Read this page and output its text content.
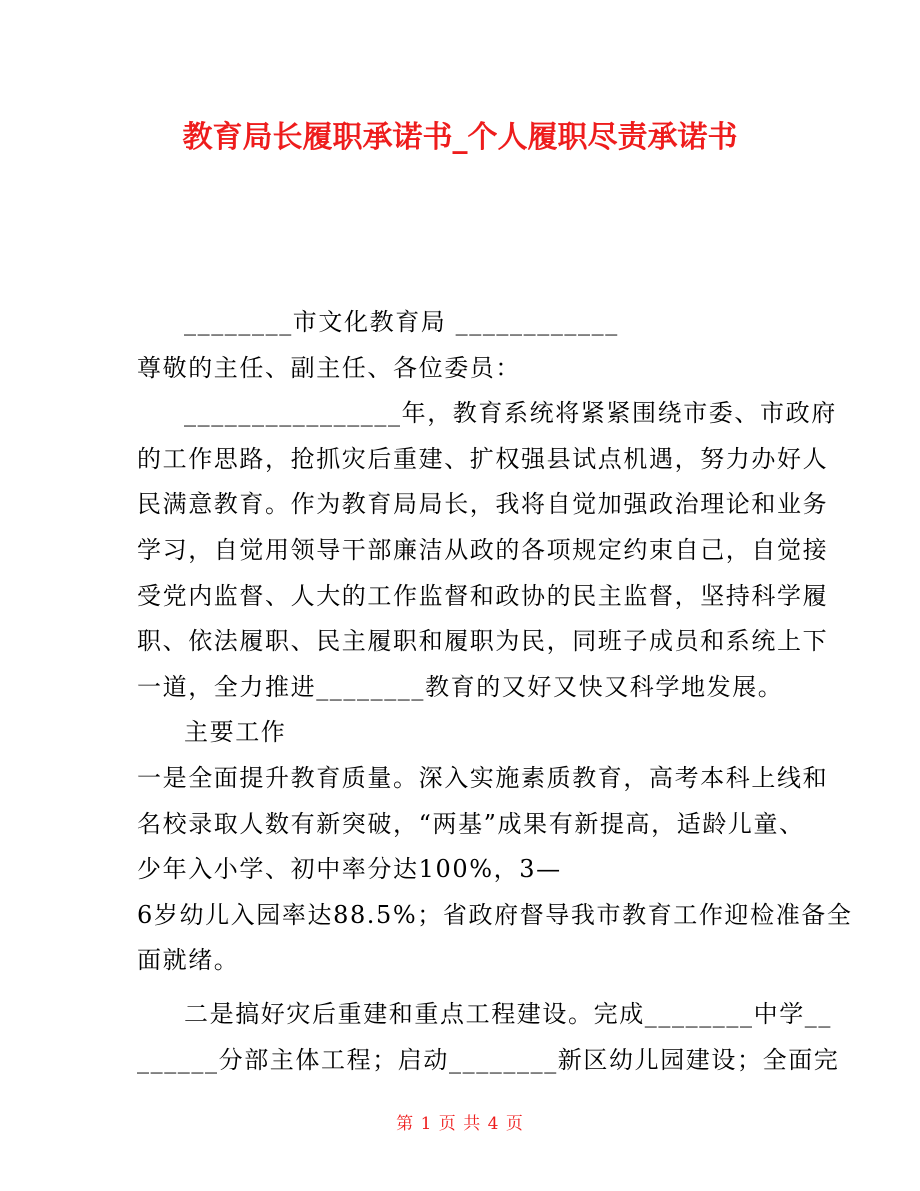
教育局长履职承诺书_个人履职尽责承诺书
________市文化教育局 ____________
尊敬的主任、副主任、各位委员：
________________年，教育系统将紧紧围绕市委、市政府
的工作思路，抢抓灾后重建、扩权强县试点机遇，努力办好人
民满意教育。作为教育局局长，我将自觉加强政治理论和业务
学习，自觉用领导干部廉洁从政的各项规定约束自己，自觉接
受党内监督、人大的工作监督和政协的民主监督，坚持科学履
职、依法履职、民主履职和履职为民，同班子成员和系统上下
一道，全力推进________教育的又好又快又科学地发展。
主要工作
一是全面提升教育质量。深入实施素质教育，高考本科上线和
名校录取人数有新突破，“两基”成果有新提高，适龄儿童、
少年入小学、初中率分达100%，3—
6岁幼儿入园率达88.5%；省政府督导我市教育工作迎检准备全
面就绪。
二是搞好灾后重建和重点工程建设。完成________中学__
______分部主体工程；启动________新区幼儿园建设；全面完
第 1 页 共 4 页
